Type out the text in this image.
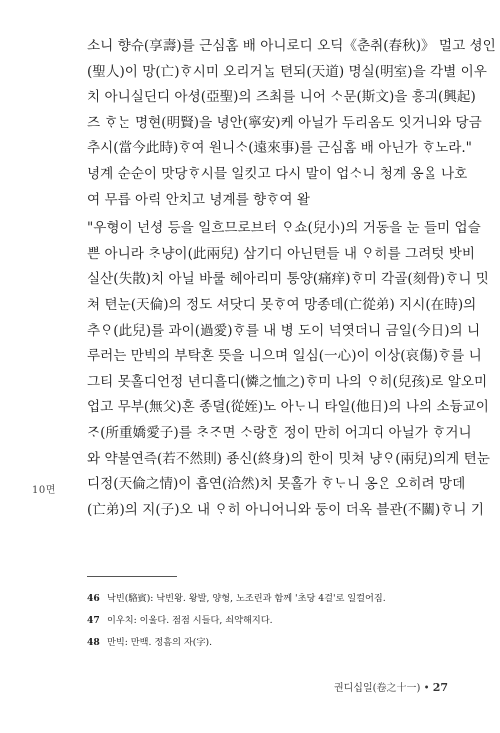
소니 향슈(享壽)를 근심홈 배 아니로디 오딕《춘취(春秋)》 멀고 셩인
(聖人)이 망(亡)ᄒᆞ시미 오리거ᄂᆞᆯ 텬되(天道) 명실(明室)을 각별 이우
치 아니실딘디 아셩(亞聖)의 즈최를 니어 ᄉᆞ문(斯文)을 흥긔(興起)
즈 ᄒᆞᄂᆞᆫ 명현(明賢)을 녕안(寧安)케 아닐가 두리옴도 잇거니와 당금
추시(當今此時)ᄒᆞ여 원니ᄉᆞ(遠來事)를 근심홈 배 아닌가 ᄒᆞ노라."
녕계 순순이 맛당ᄒᆞ시믈 일킷고 다시 말이 업ᄉᆞ니 청계 옹ᄋᆞᆯ 나호
여 무릅 아릭 안치고 녕계를 향ᄒᆞ여 왈
"우형이 넌셩 등을 일흐므로브터 ᄋᆞ쇼(兒小)의 거동을 눈 들미 업슬
쁜 아니라 ᄎᆞ냥이(此兩兒) 삼기디 아닌텬들 내 ᄋᆞ히를 그려텃 밧비
실산(失散)치 아닐 바룰 헤아리미 통양(痛痒)ᄒᆞ미 각골(刻骨)ᄒᆞ니 밋
쳐 텬눈(天倫)의 정도 셔닷디 못ᄒᆞ여 망종데(亡從弟) 지시(在時)의
추ᄋᆞ(此兒)를 과이(過愛)ᄒᆞ를 내 병 도이 넉엿더니 금일(今日)의 니
루러는 만빅의 부탁혼 뜻을 니으며 일심(一心)이 이상(哀傷)ᄒᆞ를 니
그티 못홀디언정 년디흘디(憐之恤之)ᄒᆞ미 나의 ᄋᆞ히(兒孩)로 알오미
업고 무부(無父)혼 종뎔(從姪)노 아ᄂᆞ니 타일(他日)의 나의 소듕교이
ᄌᆞ(所重嬌愛子)를 ᄎᆞᄌᆞ면 ᄉᆞ랑ᄒᆞᆫ 정이 만히 어긔디 아닐가 ᄒᆞ거니
와 약불연즉(若不然則) 죵신(終身)의 한이 밋쳐 냥ᄋᆞ(兩兒)의게 텬눈
디정(天倫之情)이 흡연(洽然)치 못홀가 ᄒᆞᄂᆞ니 옹ᄋᆞᆫ 오히려 망데
(亡弟)의 지(子)오 내 ᄋᆞ히 아니어니와 둥이 더옥 블관(不關)ᄒᆞ니 기
10면
46 낙빈(駱賓): 낙빈왕. 왕발, 양형, 노조린과 함께 '초당 4걸'로 일컬어짐.
47 이우치: 이울다. 점점 시들다, 쇠약해지다.
48 만빅: 만백. 정흠의 자(字).
권디십일(卷之十一) • 27
